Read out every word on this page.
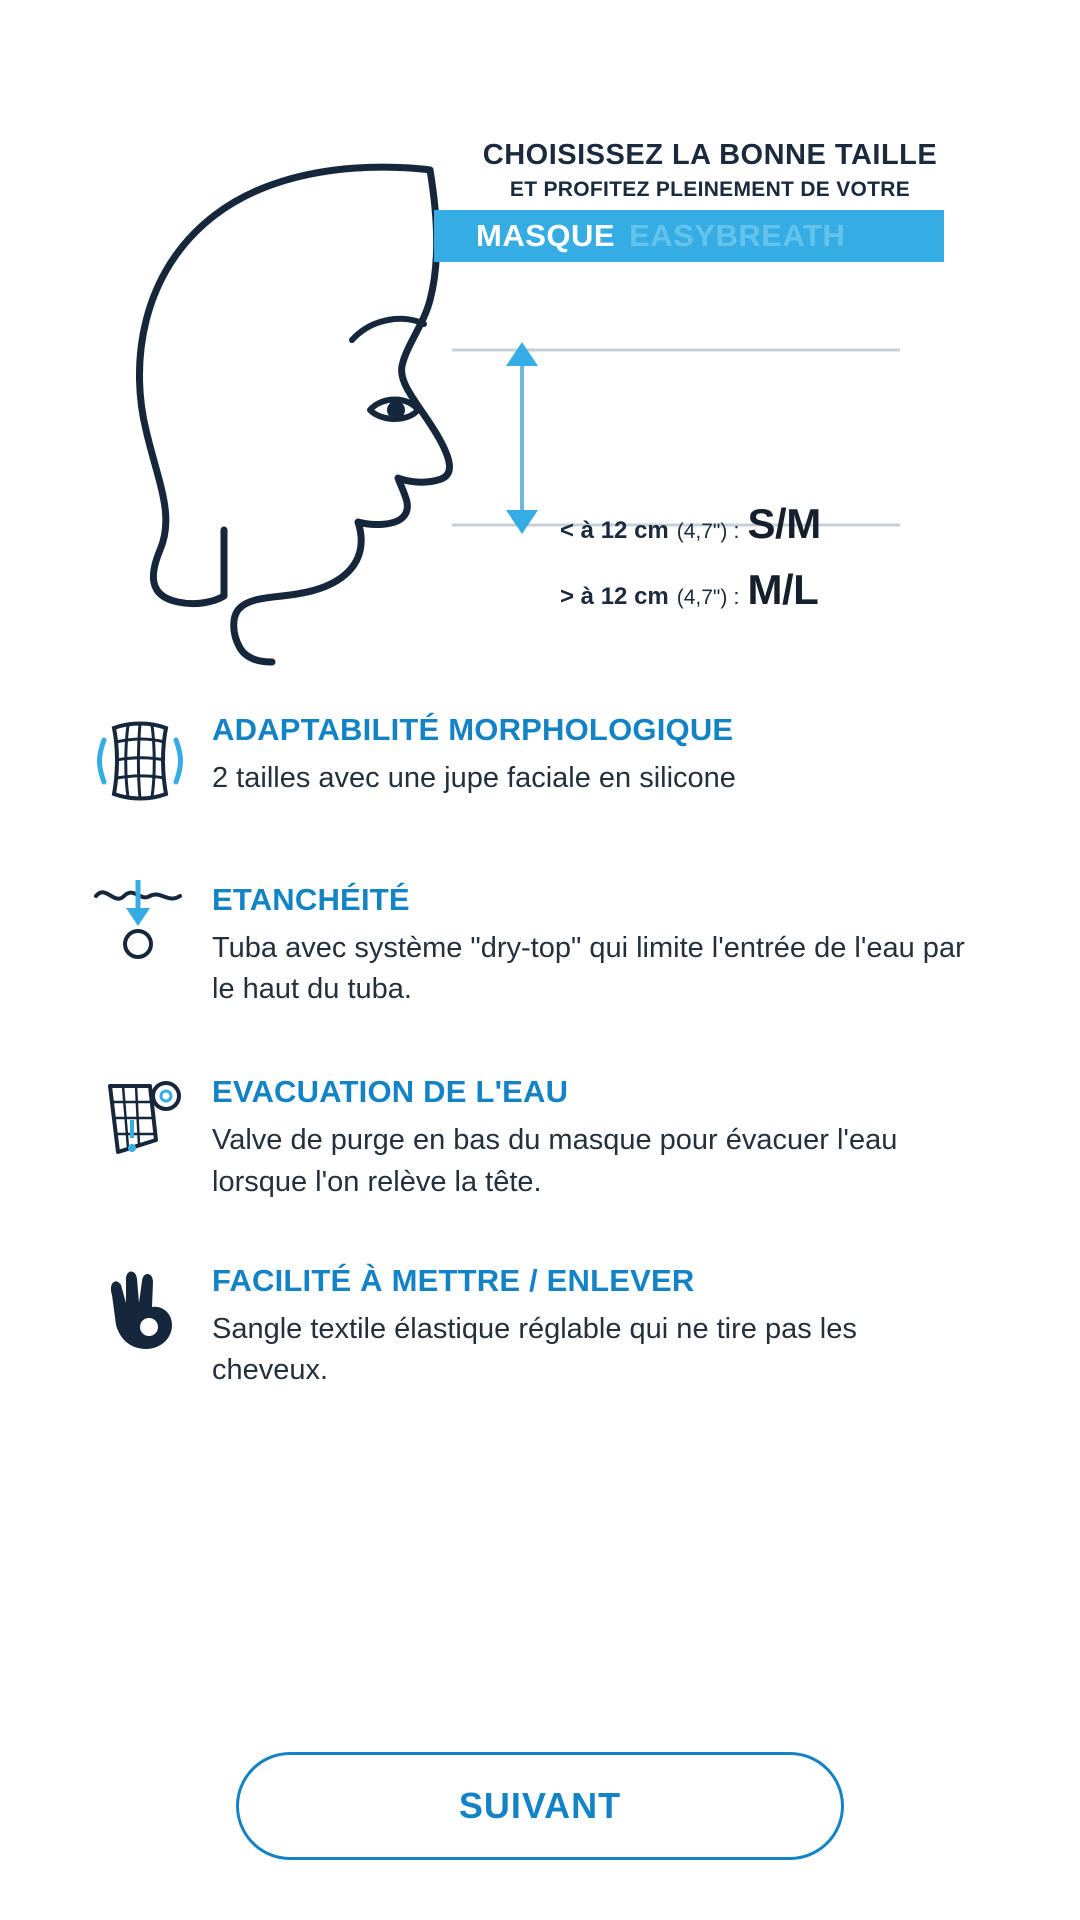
CHOISISSEZ LA BONNE TAILLE
ET PROFITEZ PLEINEMENT DE VOTRE
MASQUE EASYBREATH
< à 12 cm (4,7") : S/M
> à 12 cm (4,7") : M/L
ADAPTABILITÉ MORPHOLOGIQUE
2 tailles avec une jupe faciale en silicone
ETANCHÉITÉ
Tuba avec système "dry-top" qui limite l'entrée de l'eau par le haut du tuba.
EVACUATION DE L'EAU
Valve de purge en bas du masque pour évacuer l'eau lorsque l'on relève la tête.
FACILITÉ À METTRE / ENLEVER
Sangle textile élastique réglable qui ne tire pas les cheveux.
SUIVANT
